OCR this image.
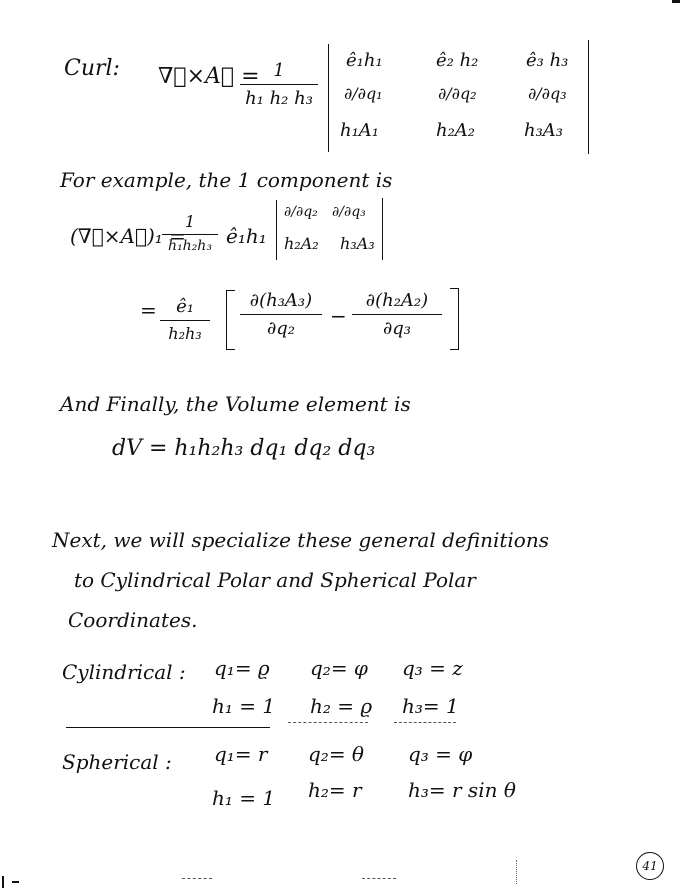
Curl: ∇⃗×A⃗ = 1
h₁ h₂ h₃
ê₁h₁	ê₂ h₂	ê₃ h₃
∂/∂q₁	∂/∂q₂	∂/∂q₃
h₁A₁	h₂A₂	h₃A₃
For example, the 1 component is
(∇⃗×A⃗)₁ =
1
h₁h₂h₃ ê₁h₁
∂/∂q₂ ∂/∂q₃
h₂A₂ h₃A₃
= ê₁
h₂h₃
∂(h₃A₃)
∂q₂
−
∂(h₂A₂)
∂q₃
And Finally, the Volume element is
dV = h₁h₂h₃ dq₁ dq₂ dq₃
Next, we will specialize these general definitions
to Cylindrical Polar and Spherical Polar
Coordinates.
Cylindrical : q₁= ϱ q₂= φ q₃ = z
h₁ = 1 h₂ = ϱ h₃= 1
Spherical : q₁= r q₂= θ q₃ = φ
h₁ = 1 h₂= r h₃= r sin θ
41
